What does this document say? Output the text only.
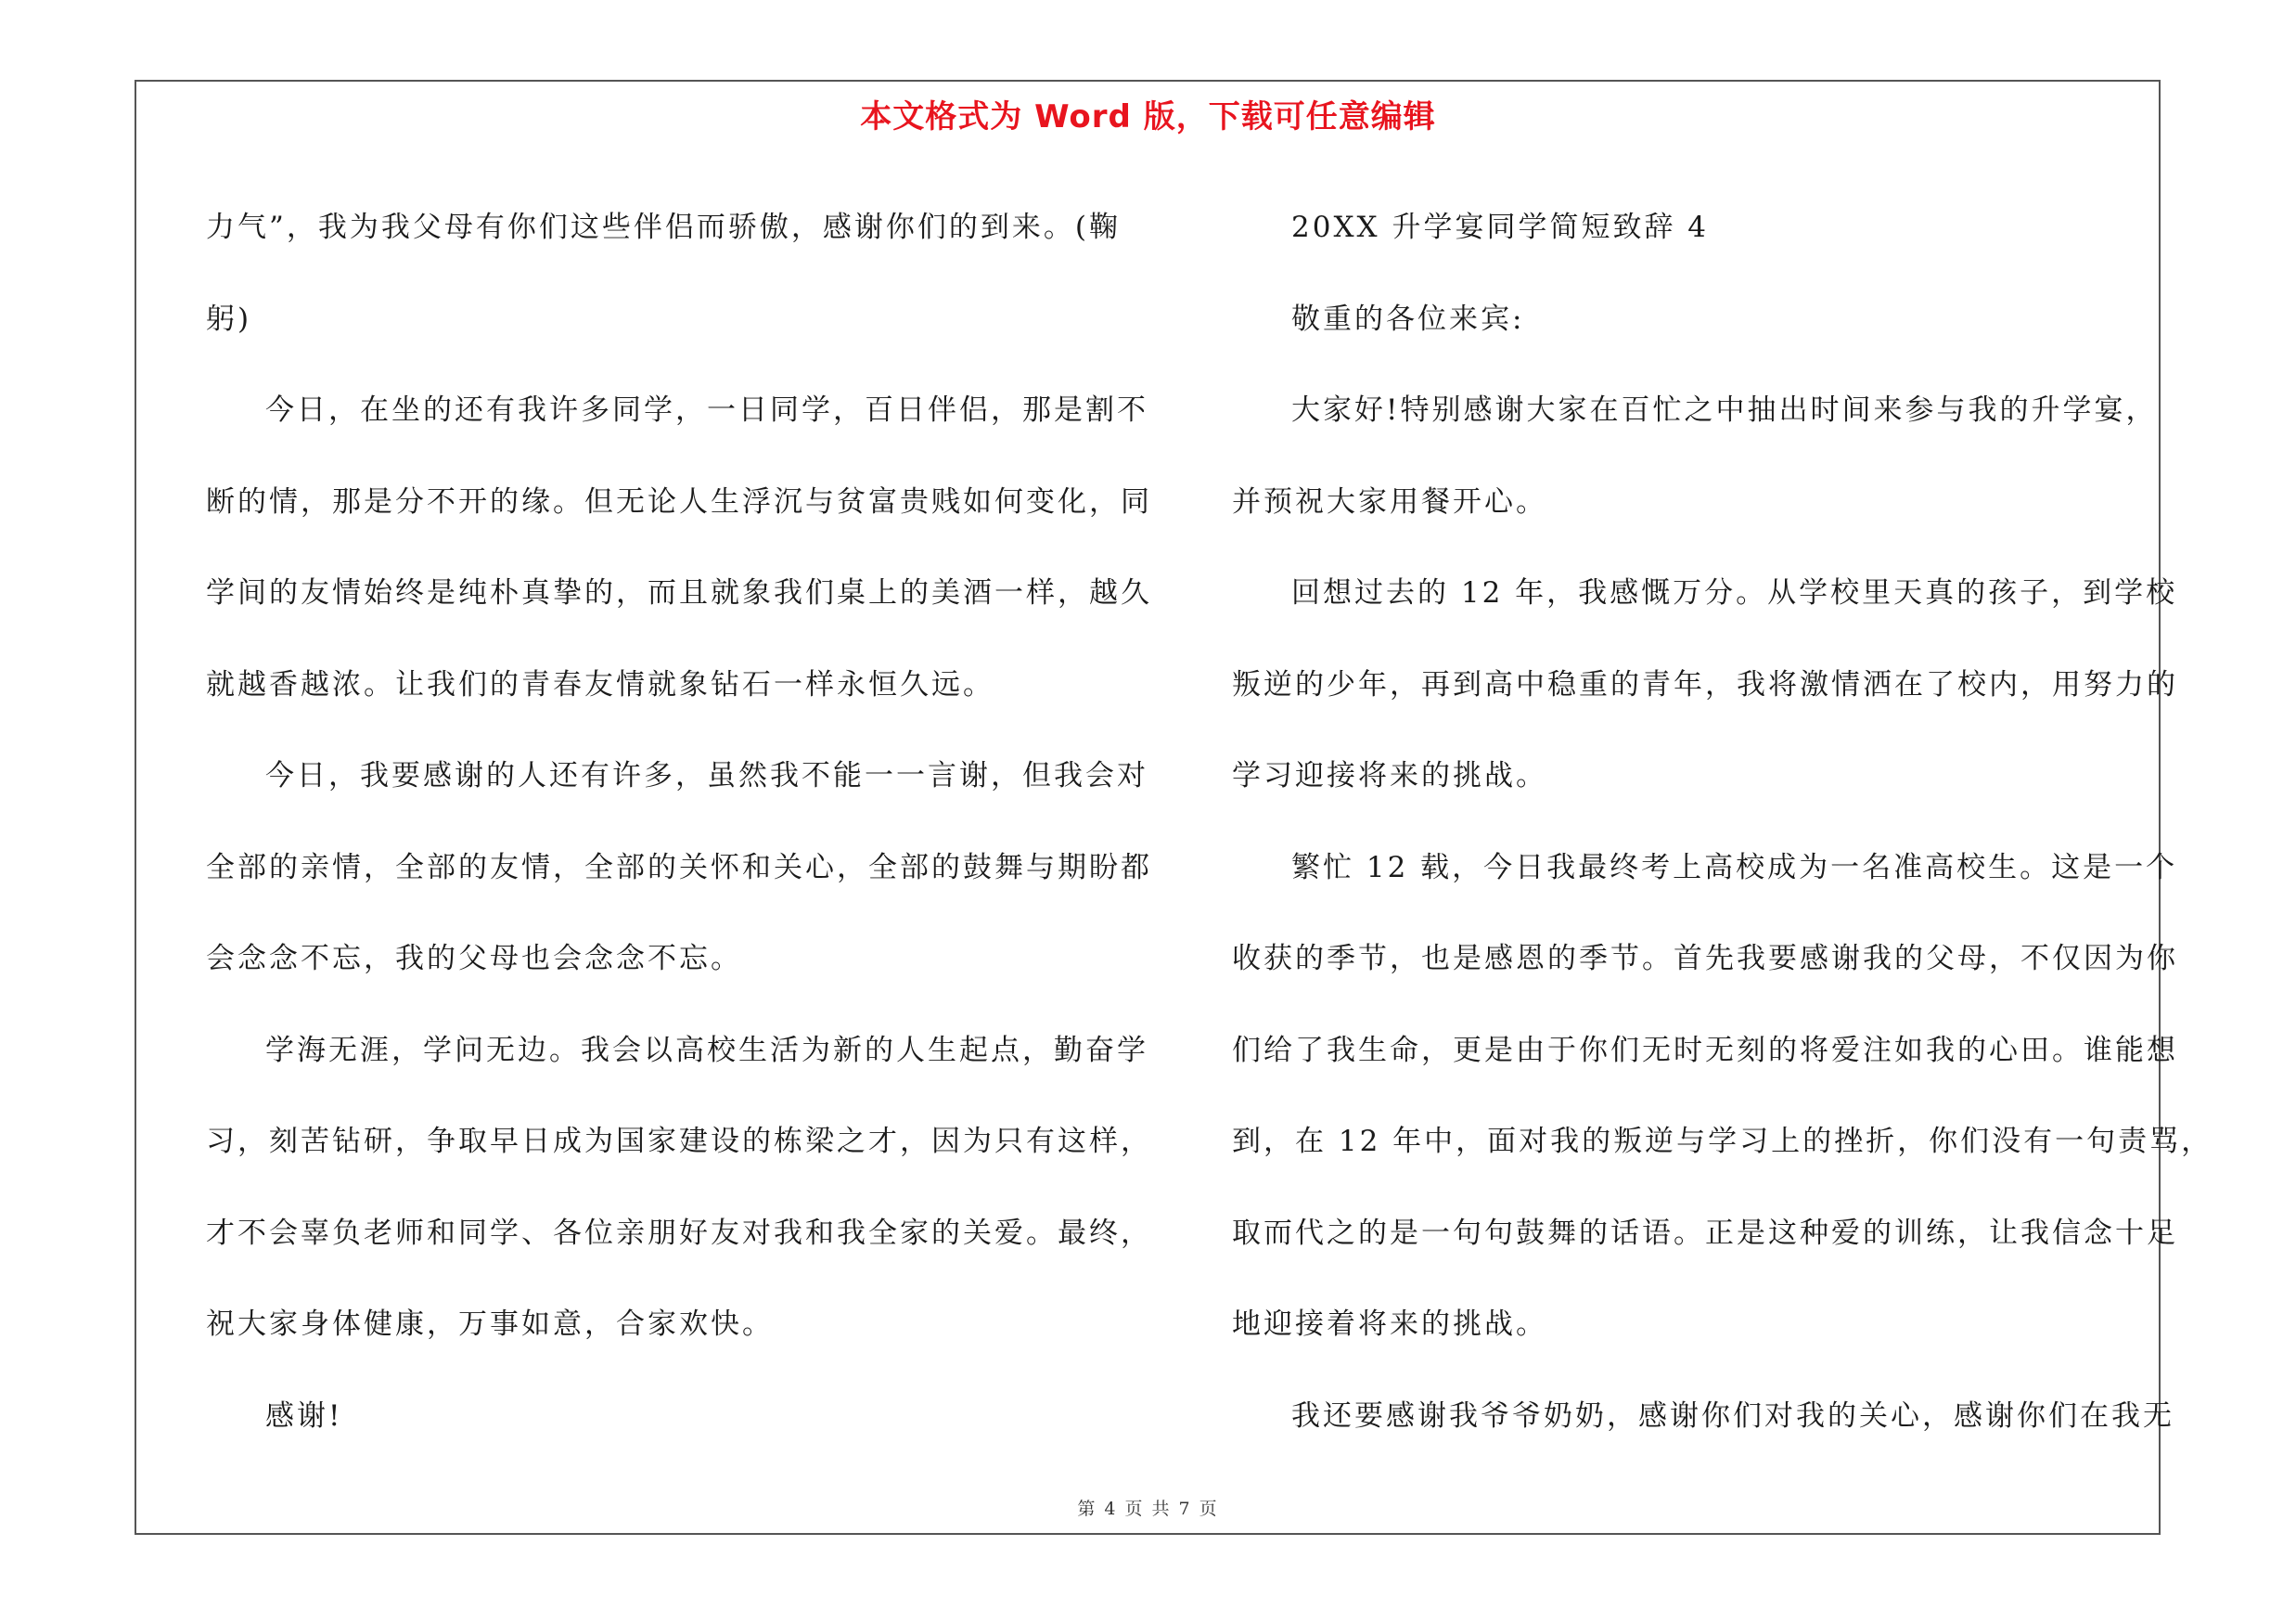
本文格式为 Word 版，下载可任意编辑
力气”，我为我父母有你们这些伴侣而骄傲，感谢你们的到来。(鞠
躬)
今日，在坐的还有我许多同学，一日同学，百日伴侣，那是割不
断的情，那是分不开的缘。但无论人生浮沉与贫富贵贱如何变化，同
学间的友情始终是纯朴真挚的，而且就象我们桌上的美酒一样，越久
就越香越浓。让我们的青春友情就象钻石一样永恒久远。
今日，我要感谢的人还有许多，虽然我不能一一言谢，但我会对
全部的亲情，全部的友情，全部的关怀和关心，全部的鼓舞与期盼都
会念念不忘，我的父母也会念念不忘。
学海无涯，学问无边。我会以高校生活为新的人生起点，勤奋学
习，刻苦钻研，争取早日成为国家建设的栋梁之才，因为只有这样，
才不会辜负老师和同学、各位亲朋好友对我和我全家的关爱。最终，
祝大家身体健康，万事如意，合家欢快。
感谢!
20XX 升学宴同学简短致辞 4
敬重的各位来宾:
大家好!特别感谢大家在百忙之中抽出时间来参与我的升学宴，
并预祝大家用餐开心。
回想过去的 12 年，我感慨万分。从学校里天真的孩子，到学校
叛逆的少年，再到高中稳重的青年，我将激情洒在了校内，用努力的
学习迎接将来的挑战。
繁忙 12 载，今日我最终考上高校成为一名准高校生。这是一个
收获的季节，也是感恩的季节。首先我要感谢我的父母，不仅因为你
们给了我生命，更是由于你们无时无刻的将爱注如我的心田。谁能想
到，在 12 年中，面对我的叛逆与学习上的挫折，你们没有一句责骂，
取而代之的是一句句鼓舞的话语。正是这种爱的训练，让我信念十足
地迎接着将来的挑战。
我还要感谢我爷爷奶奶，感谢你们对我的关心，感谢你们在我无
第 4 页 共 7 页
